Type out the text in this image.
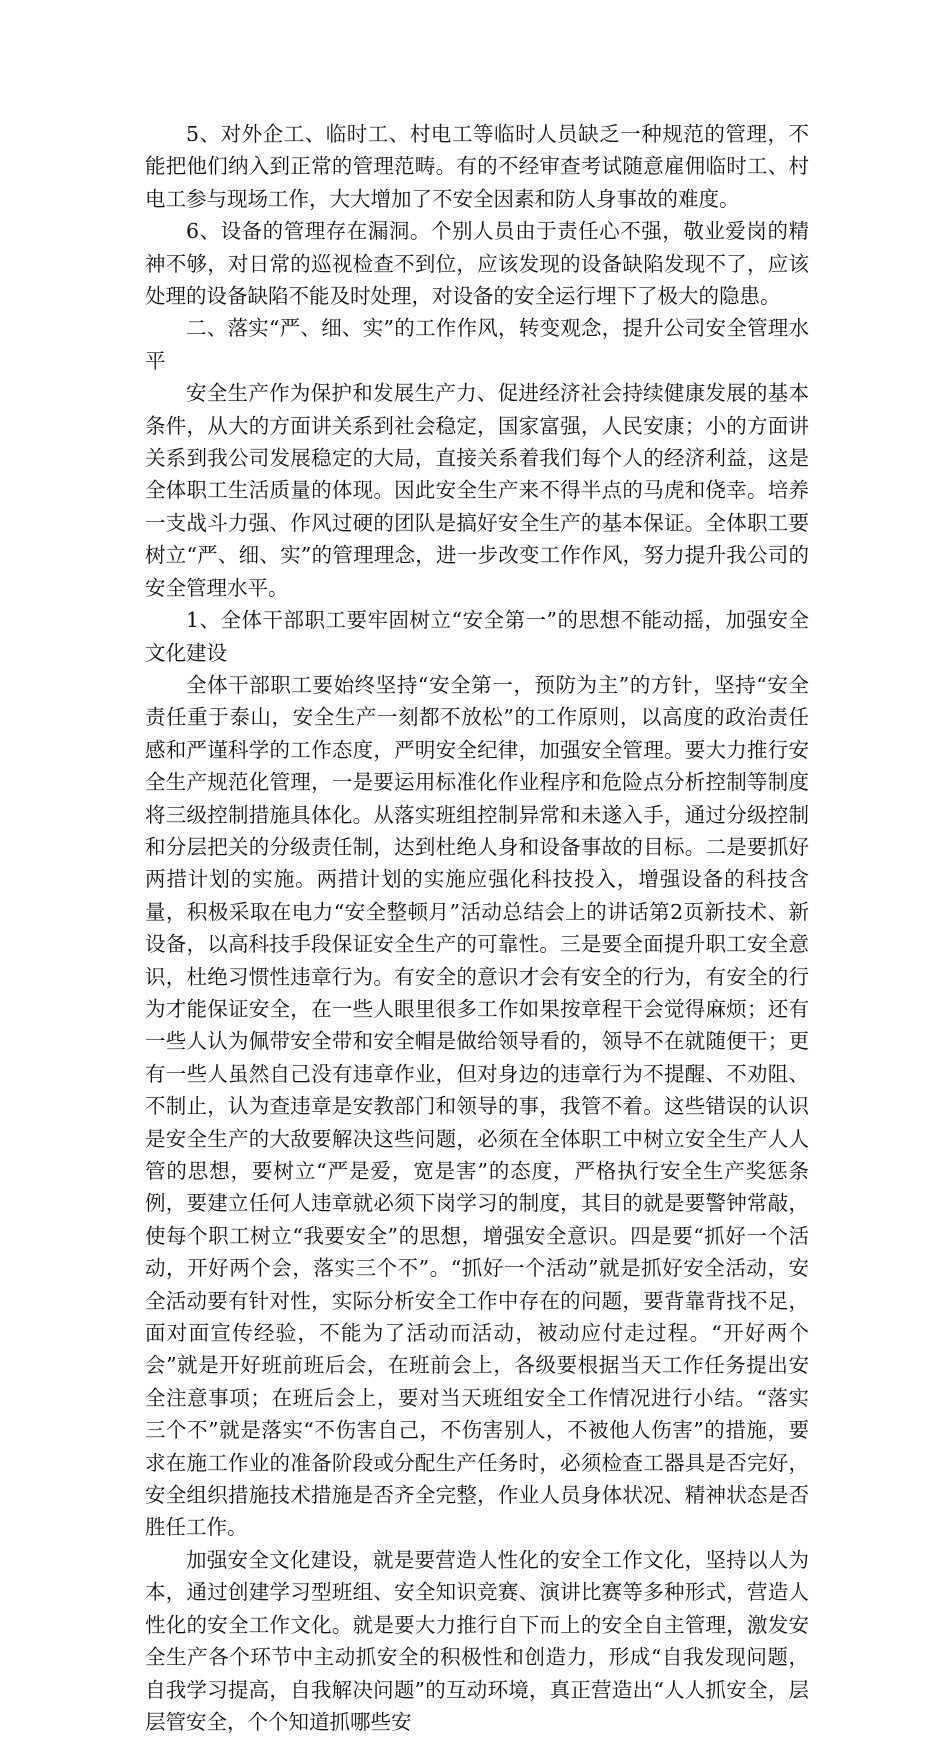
5、对外企工、临时工、村电工等临时人员缺乏一种规范的管理，不能把他们纳入到正常的管理范畴。有的不经审查考试随意雇佣临时工、村电工参与现场工作，大大增加了不安全因素和防人身事故的难度。

6、设备的管理存在漏洞。个别人员由于责任心不强，敬业爱岗的精神不够，对日常的巡视检查不到位，应该发现的设备缺陷发现不了，应该处理的设备缺陷不能及时处理，对设备的安全运行埋下了极大的隐患。

二、落实“严、细、实”的工作作风，转变观念，提升公司安全管理水平

安全生产作为保护和发展生产力、促进经济社会持续健康发展的基本条件，从大的方面讲关系到社会稳定，国家富强，人民安康；小的方面讲关系到我公司发展稳定的大局，直接关系着我们每个人的经济利益，这是全体职工生活质量的体现。因此安全生产来不得半点的马虎和侥幸。培养一支战斗力强、作风过硬的团队是搞好安全生产的基本保证。全体职工要树立“严、细、实”的管理理念，进一步改变工作作风，努力提升我公司的安全管理水平。

1、全体干部职工要牢固树立“安全第一”的思想不能动摇，加强安全文化建设

全体干部职工要始终坚持“安全第一，预防为主”的方针，坚持“安全责任重于泰山，安全生产一刻都不放松”的工作原则，以高度的政治责任感和严谨科学的工作态度，严明安全纪律，加强安全管理。要大力推行安全生产规范化管理，一是要运用标准化作业程序和危险点分析控制等制度将三级控制措施具体化。从落实班组控制异常和未遂入手，通过分级控制和分层把关的分级责任制，达到杜绝人身和设备事故的目标。二是要抓好两措计划的实施。两措计划的实施应强化科技投入，增强设备的科技含量，积极采取在电力“安全整顿月”活动总结会上的讲话第2页新技术、新设备，以高科技手段保证安全生产的可靠性。三是要全面提升职工安全意识，杜绝习惯性违章行为。有安全的意识才会有安全的行为，有安全的行为才能保证安全，在一些人眼里很多工作如果按章程干会觉得麻烦；还有一些人认为佩带安全带和安全帽是做给领导看的，领导不在就随便干；更有一些人虽然自己没有违章作业，但对身边的违章行为不提醒、不劝阻、不制止，认为查违章是安教部门和领导的事，我管不着。这些错误的认识是安全生产的大敌要解决这些问题，必须在全体职工中树立安全生产人人管的思想，要树立“严是爱，宽是害”的态度，严格执行安全生产奖惩条例，要建立任何人违章就必须下岗学习的制度，其目的就是要警钟常敲，使每个职工树立“我要安全”的思想，增强安全意识。四是要“抓好一个活动，开好两个会，落实三个不”。“抓好一个活动”就是抓好安全活动，安全活动要有针对性，实际分析安全工作中存在的问题，要背靠背找不足，面对面宣传经验，不能为了活动而活动，被动应付走过程。“开好两个会”就是开好班前班后会，在班前会上，各级要根据当天工作任务提出安全注意事项；在班后会上，要对当天班组安全工作情况进行小结。“落实三个不”就是落实“不伤害自己，不伤害别人，不被他人伤害”的措施，要求在施工作业的准备阶段或分配生产任务时，必须检查工器具是否完好，安全组织措施技术措施是否齐全完整，作业人员身体状况、精神状态是否胜任工作。

加强安全文化建设，就是要营造人性化的安全工作文化，坚持以人为本，通过创建学习型班组、安全知识竞赛、演讲比赛等多种形式，营造人性化的安全工作文化。就是要大力推行自下而上的安全自主管理，激发安全生产各个环节中主动抓安全的积极性和创造力，形成“自我发现问题，自我学习提高，自我解决问题”的互动环境，真正营造出“人人抓安全，层层管安全，个个知道抓哪些安
